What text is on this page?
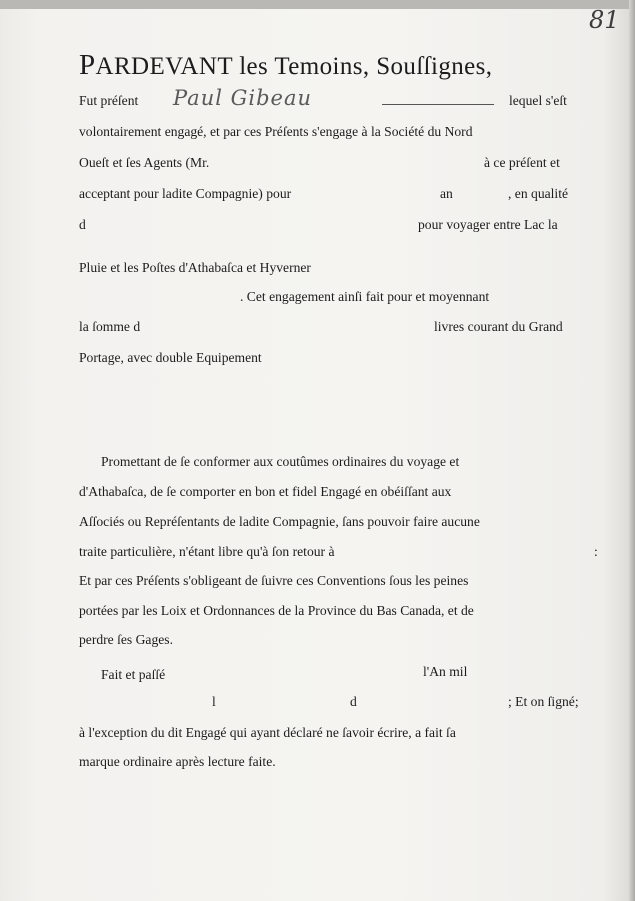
81
PARDEVANT les Temoins, Souſſignes,
Fut préſent Paul Gibeau	lequel s'eſt
volontairement engagé, et par ces Préſents s'engage à la Société du Nord
Oueſt et ſes Agents (Mr.	à ce préſent et
acceptant pour ladite Compagnie) pour	an	, en qualité
d	pour voyager entre Lac la
Pluie et les Poſtes d'Athabaſca et Hyverner
. Cet engagement ainſi fait pour et moyennant
la ſomme d	livres courant du Grand
Portage, avec double Equipement
Promettant de ſe conformer aux coutûmes ordinaires du voyage et
d'Athabaſca, de ſe comporter en bon et fidel Engagé en obéiſſant aux
Aſſociés ou Repréſentants de ladite Compagnie, ſans pouvoir faire aucune
traite particulière, n'étant libre qu'à ſon retour à	:
Et par ces Préſents s'obligeant de ſuivre ces Conventions ſous les peines
portées par les Loix et Ordonnances de la Province du Bas Canada, et de
perdre ſes Gages.
Fait et paſſé	l'An mil
l	d	; Et on ſigné;
à l'exception du dit Engagé qui ayant déclaré ne ſavoir écrire, a fait ſa
marque ordinaire après lecture faite.
